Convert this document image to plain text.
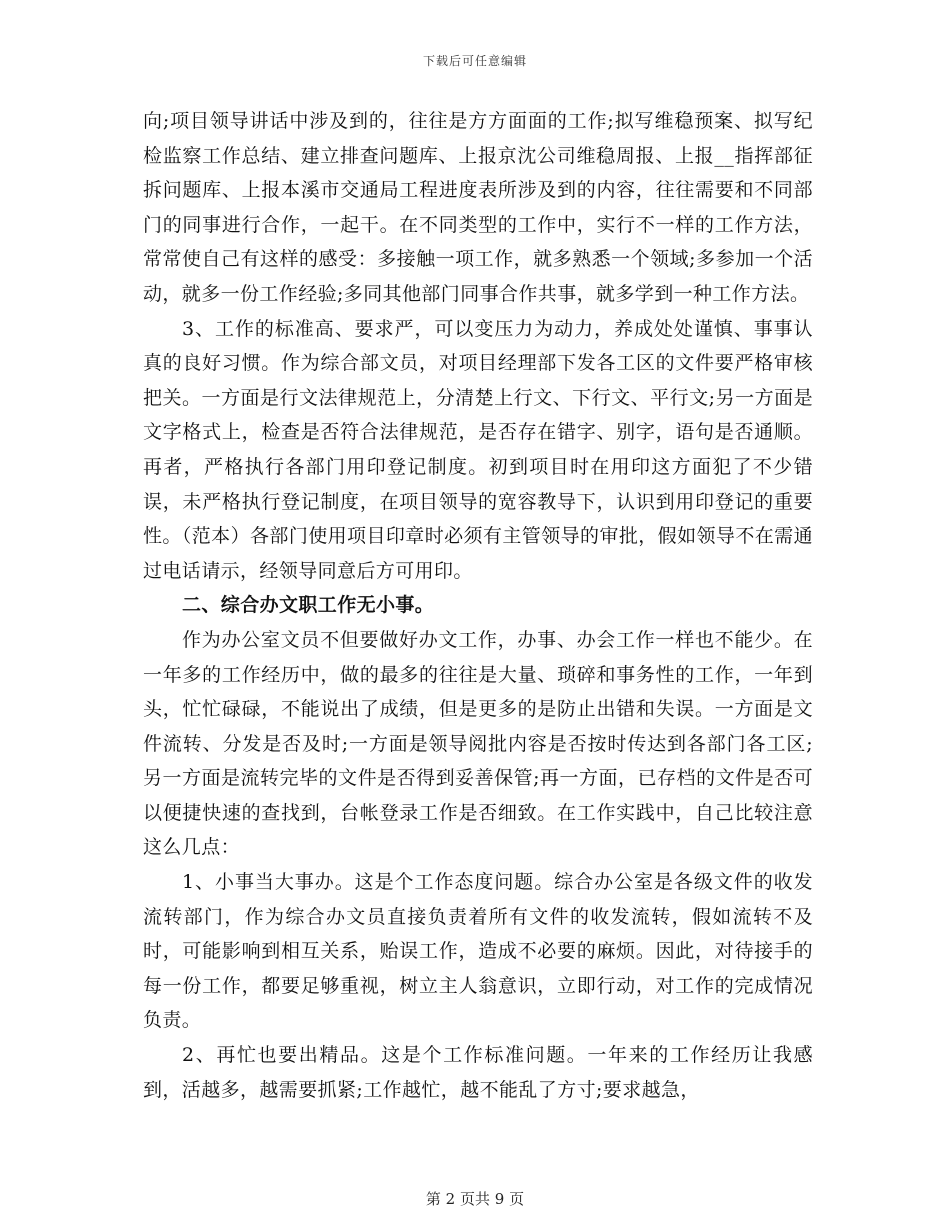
下载后可任意编辑

向;项目领导讲话中涉及到的，往往是方方面面的工作;拟写维稳预案、拟写纪检监察工作总结、建立排查问题库、上报京沈公司维稳周报、上报__指挥部征拆问题库、上报本溪市交通局工程进度表所涉及到的内容，往往需要和不同部门的同事进行合作，一起干。在不同类型的工作中，实行不一样的工作方法，常常使自己有这样的感受：多接触一项工作，就多熟悉一个领域;多参加一个活动，就多一份工作经验;多同其他部门同事合作共事，就多学到一种工作方法。

3、工作的标准高、要求严，可以变压力为动力，养成处处谨慎、事事认真的良好习惯。作为综合部文员，对项目经理部下发各工区的文件要严格审核把关。一方面是行文法律规范上，分清楚上行文、下行文、平行文;另一方面是文字格式上，检查是否符合法律规范，是否存在错字、别字，语句是否通顺。再者，严格执行各部门用印登记制度。初到项目时在用印这方面犯了不少错误，未严格执行登记制度，在项目领导的宽容教导下，认识到用印登记的重要性。（范本）各部门使用项目印章时必须有主管领导的审批，假如领导不在需通过电话请示，经领导同意后方可用印。

二、综合办文职工作无小事。

作为办公室文员不但要做好办文工作，办事、办会工作一样也不能少。在一年多的工作经历中，做的最多的往往是大量、琐碎和事务性的工作，一年到头，忙忙碌碌，不能说出了成绩，但是更多的是防止出错和失误。一方面是文件流转、分发是否及时;一方面是领导阅批内容是否按时传达到各部门各工区;另一方面是流转完毕的文件是否得到妥善保管;再一方面，已存档的文件是否可以便捷快速的查找到，台帐登录工作是否细致。在工作实践中，自己比较注意这么几点：

1、小事当大事办。这是个工作态度问题。综合办公室是各级文件的收发流转部门，作为综合办文员直接负责着所有文件的收发流转，假如流转不及时，可能影响到相互关系，贻误工作，造成不必要的麻烦。因此，对待接手的每一份工作，都要足够重视，树立主人翁意识，立即行动，对工作的完成情况负责。

2、再忙也要出精品。这是个工作标准问题。一年来的工作经历让我感到，活越多，越需要抓紧;工作越忙，越不能乱了方寸;要求越急，

第 2 页共 9 页
